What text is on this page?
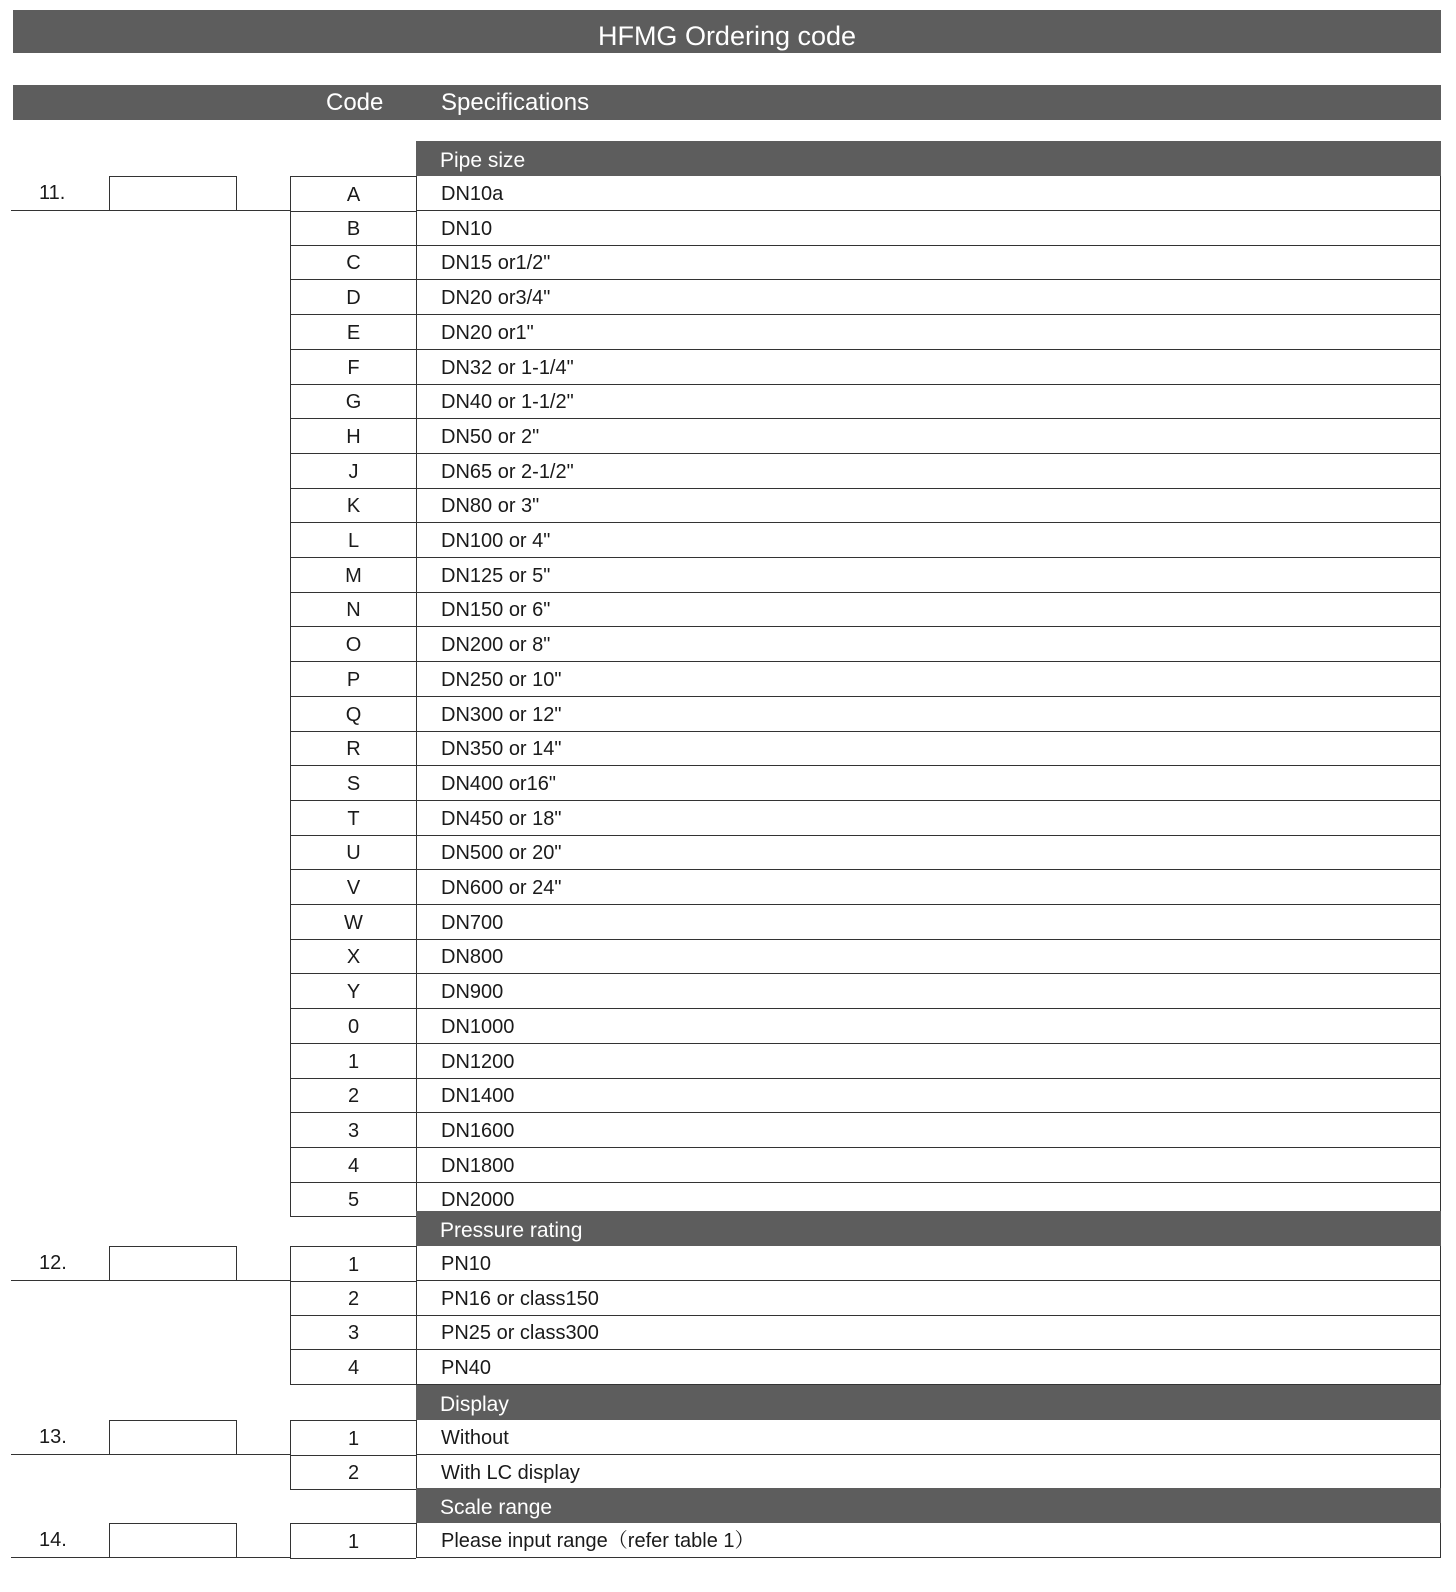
HFMG Ordering code
Code Specifications
Pipe size
11.	A	DN10a
B	DN10
C	DN15 or1/2"
D	DN20 or3/4"
E	DN20 or1"
F	DN32 or 1-1/4"
G	DN40 or 1-1/2"
H	DN50 or 2"
J	DN65 or 2-1/2"
K	DN80 or 3"
L	DN100 or 4"
M	DN125 or 5"
N	DN150 or 6"
O	DN200 or 8"
P	DN250 or 10"
Q	DN300 or 12"
R	DN350 or 14"
S	DN400 or16"
T	DN450 or 18"
U	DN500 or 20"
V	DN600 or 24"
W	DN700
X	DN800
Y	DN900
0	DN1000
1	DN1200
2	DN1400
3	DN1600
4	DN1800
5	DN2000
Pressure rating
12.	1	PN10
2	PN16 or class150
3	PN25 or class300
4	PN40
Display
13.	1	Without
2	With LC display
Scale range
14.	1	Please input range（refer table 1）
